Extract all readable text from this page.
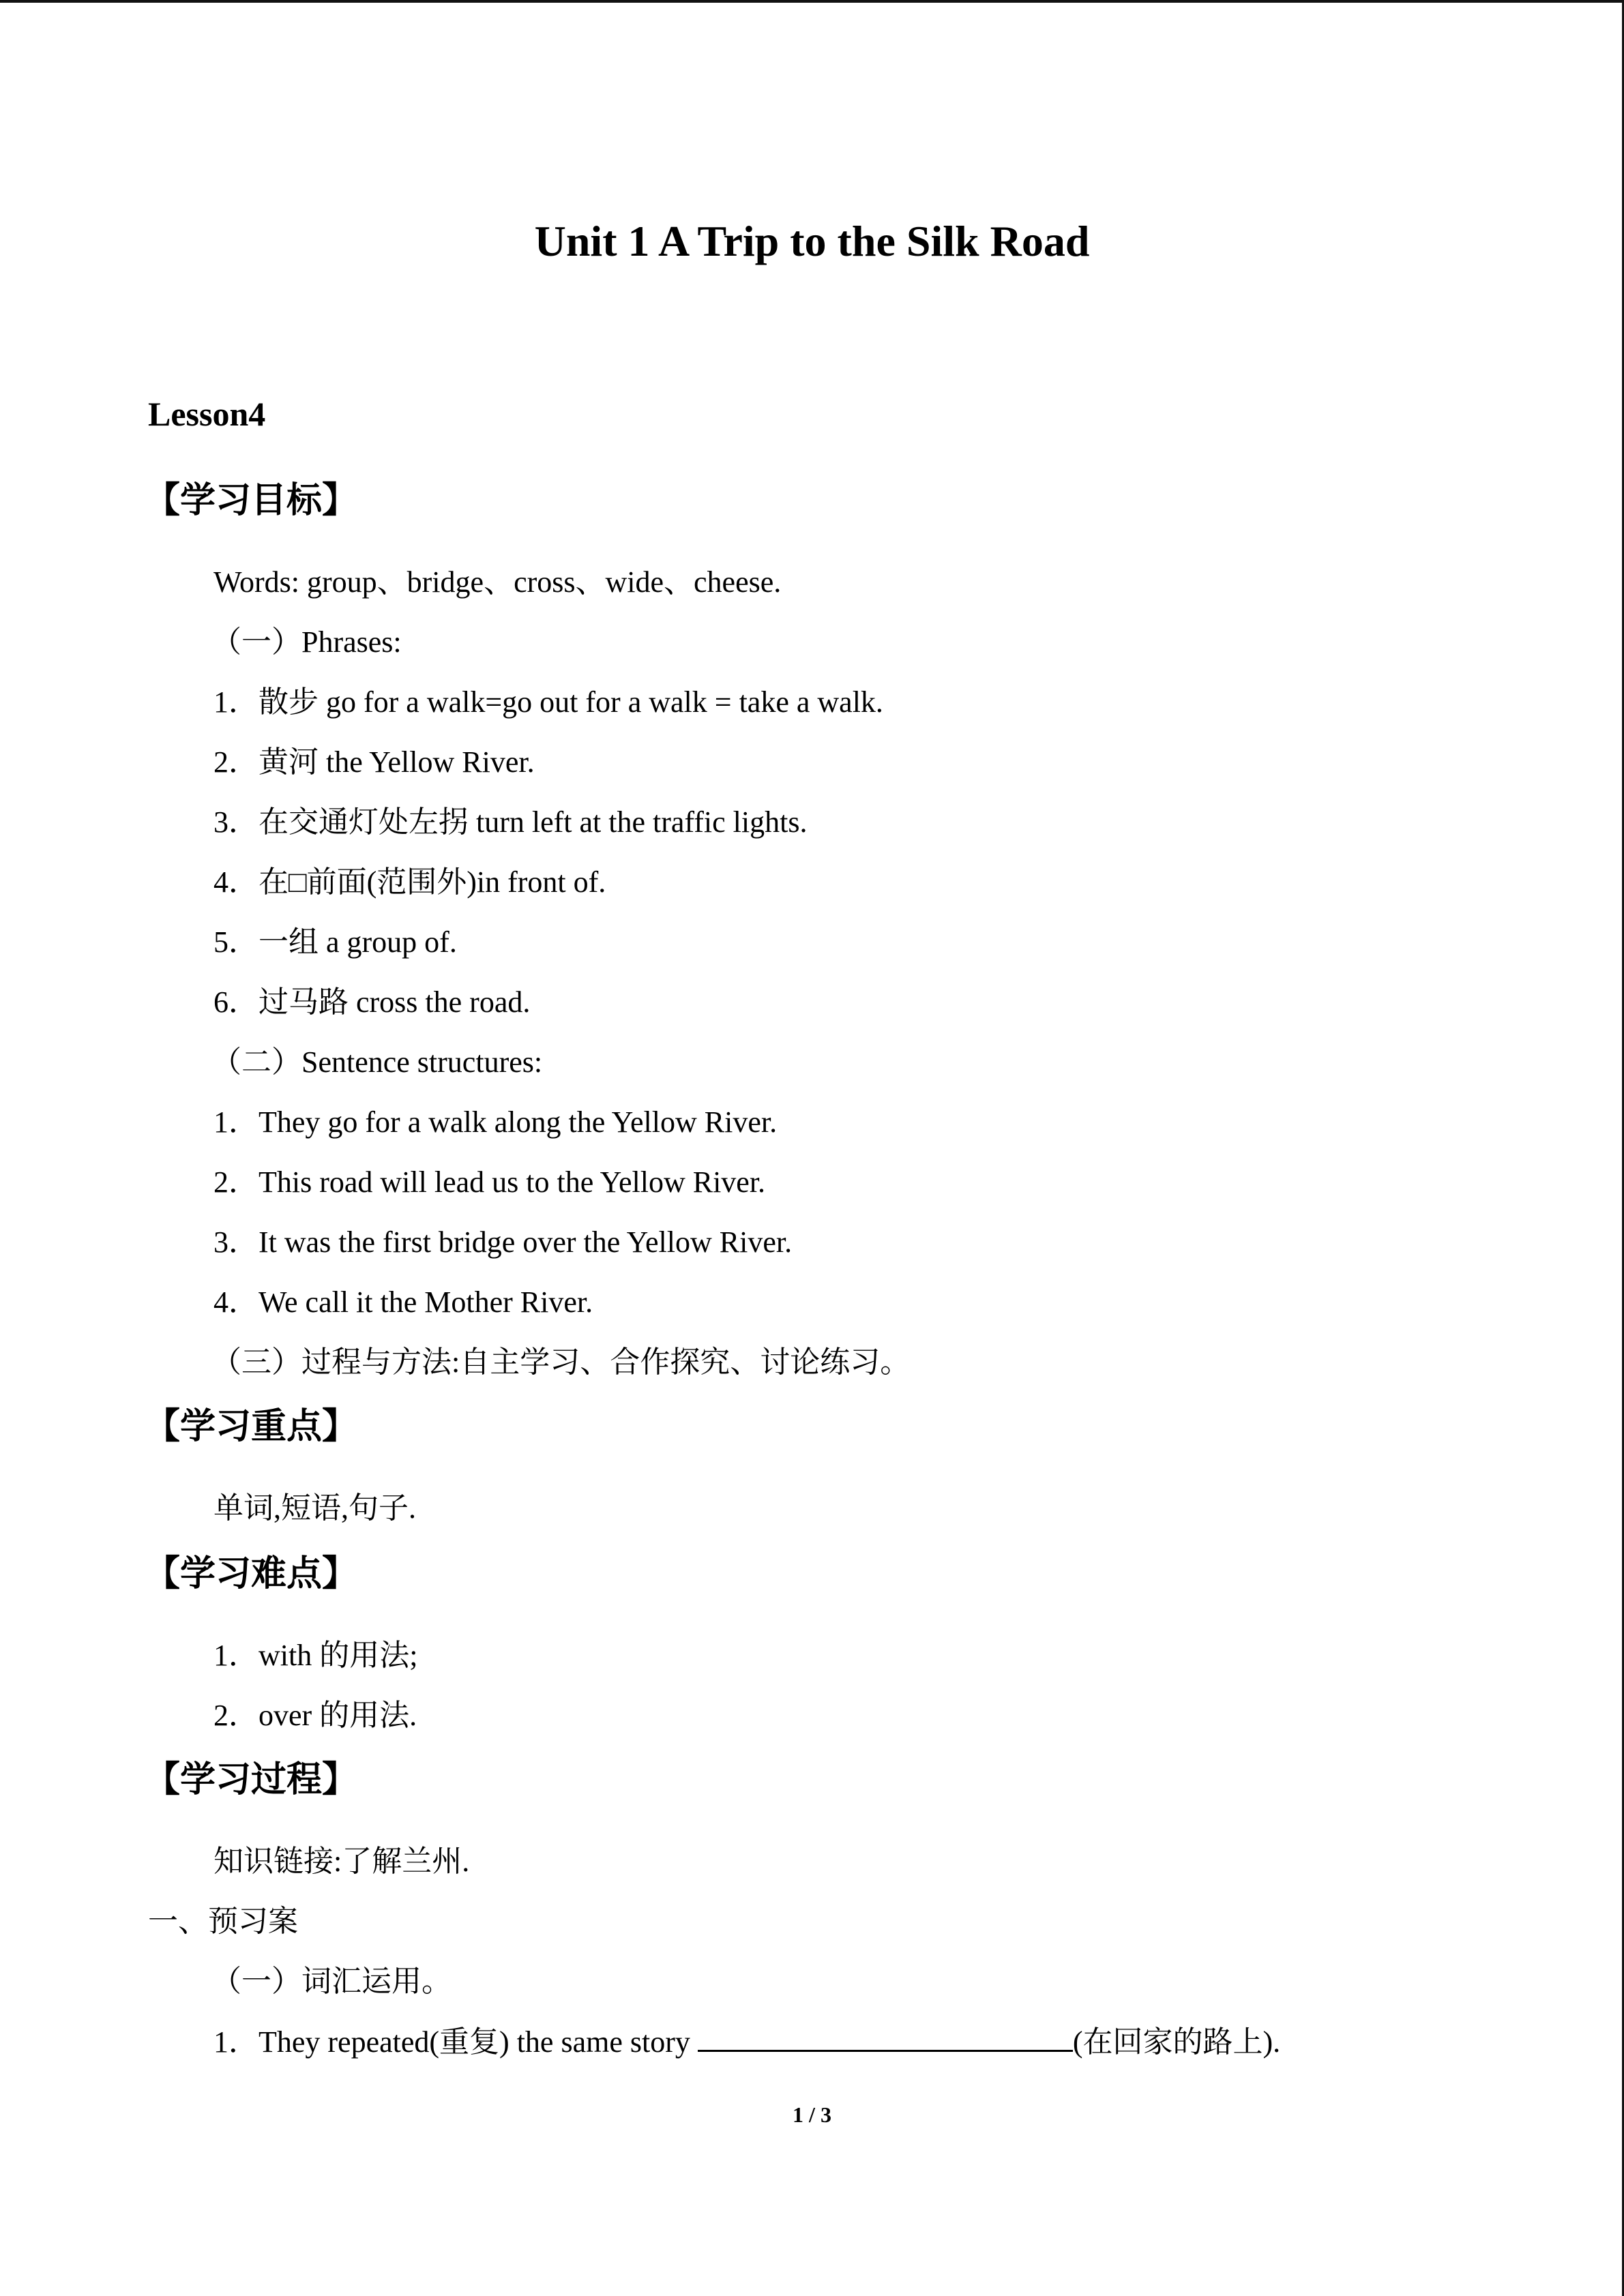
Unit 1 A Trip to the Silk Road
Lesson4
【学习目标】
Words: group、bridge、cross、wide、cheese.
（一）Phrases:
1．散步 go for a walk=go out for a walk = take a walk.
2．黄河 the Yellow River.
3．在交通灯处左拐 turn left at the traffic lights.
4．在□前面(范围外)in front of.
5．一组 a group of.
6．过马路 cross the road.
（二）Sentence structures:
1．They go for a walk along the Yellow River.
2．This road will lead us to the Yellow River.
3．It was the first bridge over the Yellow River.
4．We call it the Mother River.
（三）过程与方法:自主学习、合作探究、讨论练习。
【学习重点】
单词,短语,句子.
【学习难点】
1．with 的用法;
2．over 的用法.
【学习过程】
知识链接:了解兰州.
一、预习案
（一）词汇运用。
1．They repeated(重复) the same story	(在回家的路上).
1 / 3
